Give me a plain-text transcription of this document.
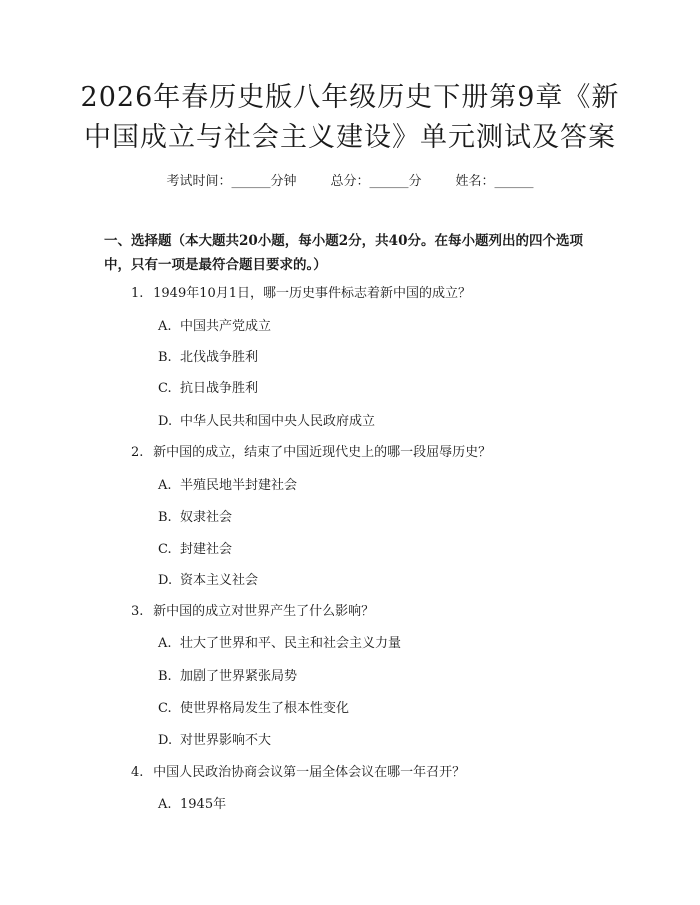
2026年春历史版八年级历史下册第9章《新
中国成立与社会主义建设》单元测试及答案
考试时间：______分钟	总分：______分	姓名：______
一、选择题（本大题共20小题，每小题2分，共40分。在每小题列出的四个选项中，只有一项是最符合题目要求的。）
1. 1949年10月1日，哪一历史事件标志着新中国的成立？
A. 中国共产党成立
B. 北伐战争胜利
C. 抗日战争胜利
D. 中华人民共和国中央人民政府成立
2. 新中国的成立，结束了中国近现代史上的哪一段屈辱历史？
A. 半殖民地半封建社会
B. 奴隶社会
C. 封建社会
D. 资本主义社会
3. 新中国的成立对世界产生了什么影响？
A. 壮大了世界和平、民主和社会主义力量
B. 加剧了世界紧张局势
C. 使世界格局发生了根本性变化
D. 对世界影响不大
4. 中国人民政治协商会议第一届全体会议在哪一年召开？
A. 1945年
